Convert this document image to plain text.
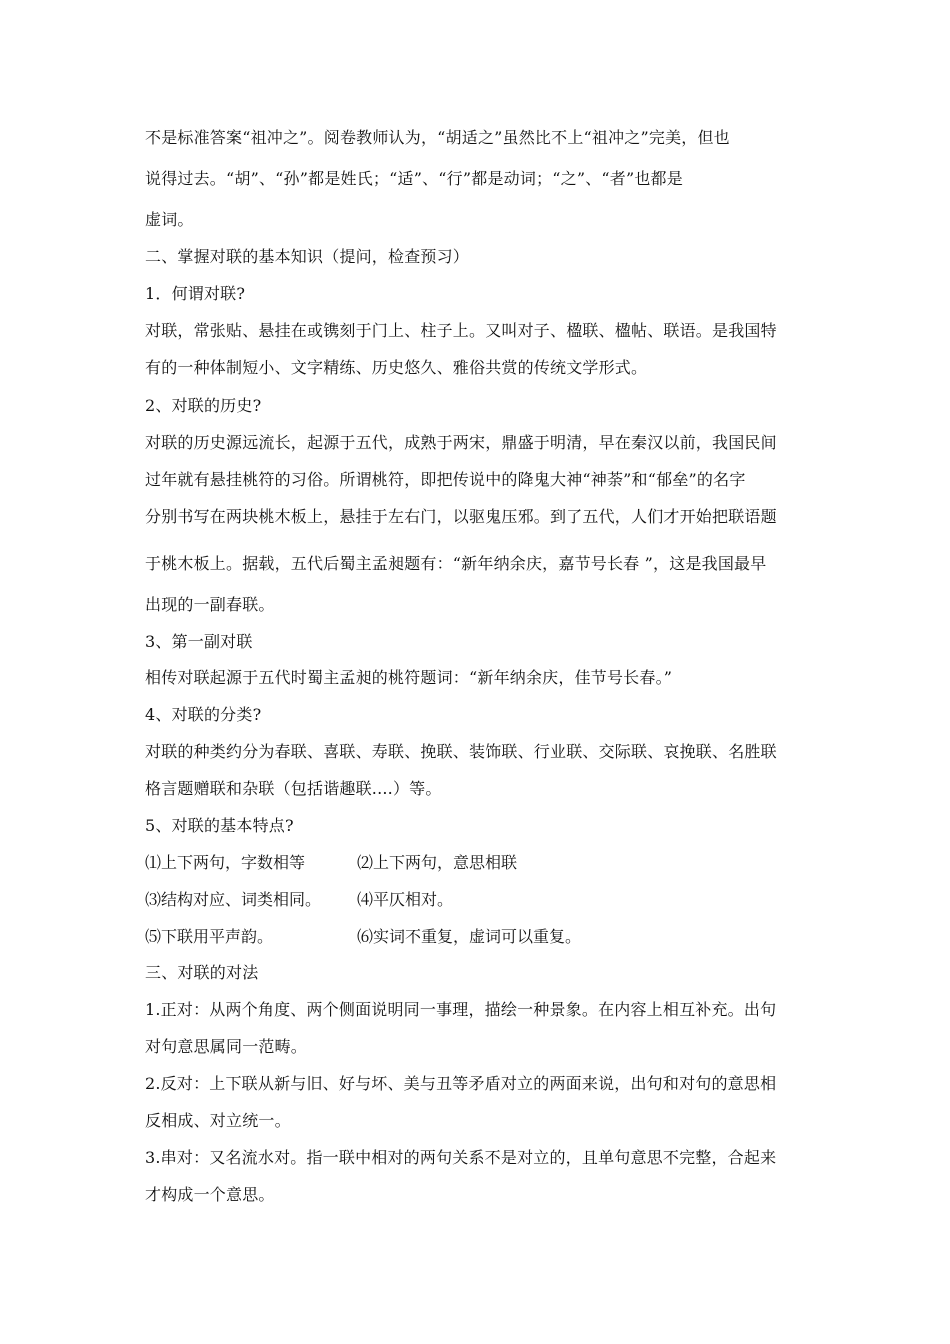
不是标准答案“祖冲之”。阅卷教师认为，“胡适之”虽然比不上“祖冲之”完美，但也
说得过去。“胡”、“孙”都是姓氏；“适”、“行”都是动词；“之”、“者”也都是
虚词。
二、掌握对联的基本知识（提问，检查预习）
1．何谓对联?
对联，常张贴、悬挂在或镌刻于门上、柱子上。又叫对子、楹联、楹帖、联语。是我国特
有的一种体制短小、文字精练、历史悠久、雅俗共赏的传统文学形式。
2、对联的历史?
对联的历史源远流长，起源于五代，成熟于两宋，鼎盛于明清，早在秦汉以前，我国民间
过年就有悬挂桃符的习俗。所谓桃符，即把传说中的降鬼大神“神荼”和“郁垒”的名字
分别书写在两块桃木板上，悬挂于左右门，以驱鬼压邪。到了五代，人们才开始把联语题
于桃木板上。据载，五代后蜀主孟昶题有：“新年纳余庆，嘉节号长春 ”，这是我国最早
出现的一副春联。
3、第一副对联
相传对联起源于五代时蜀主孟昶的桃符题词：“新年纳余庆，佳节号长春。”
4、对联的分类?
对联的种类约分为春联、喜联、寿联、挽联、装饰联、行业联、交际联、哀挽联、名胜联
格言题赠联和杂联（包括谐趣联....）等。
5、对联的基本特点?
⑴上下两句，字数相等	⑵上下两句，意思相联
⑶结构对应、词类相同。 ⑷平仄相对。
⑸下联用平声韵。	⑹实词不重复，虚词可以重复。
三、对联的对法
1.正对：从两个角度、两个侧面说明同一事理，描绘一种景象。在内容上相互补充。出句
对句意思属同一范畴。
2.反对：上下联从新与旧、好与坏、美与丑等矛盾对立的两面来说，出句和对句的意思相
反相成、对立统一。
3.串对：又名流水对。指一联中相对的两句关系不是对立的，且单句意思不完整，合起来
才构成一个意思。
